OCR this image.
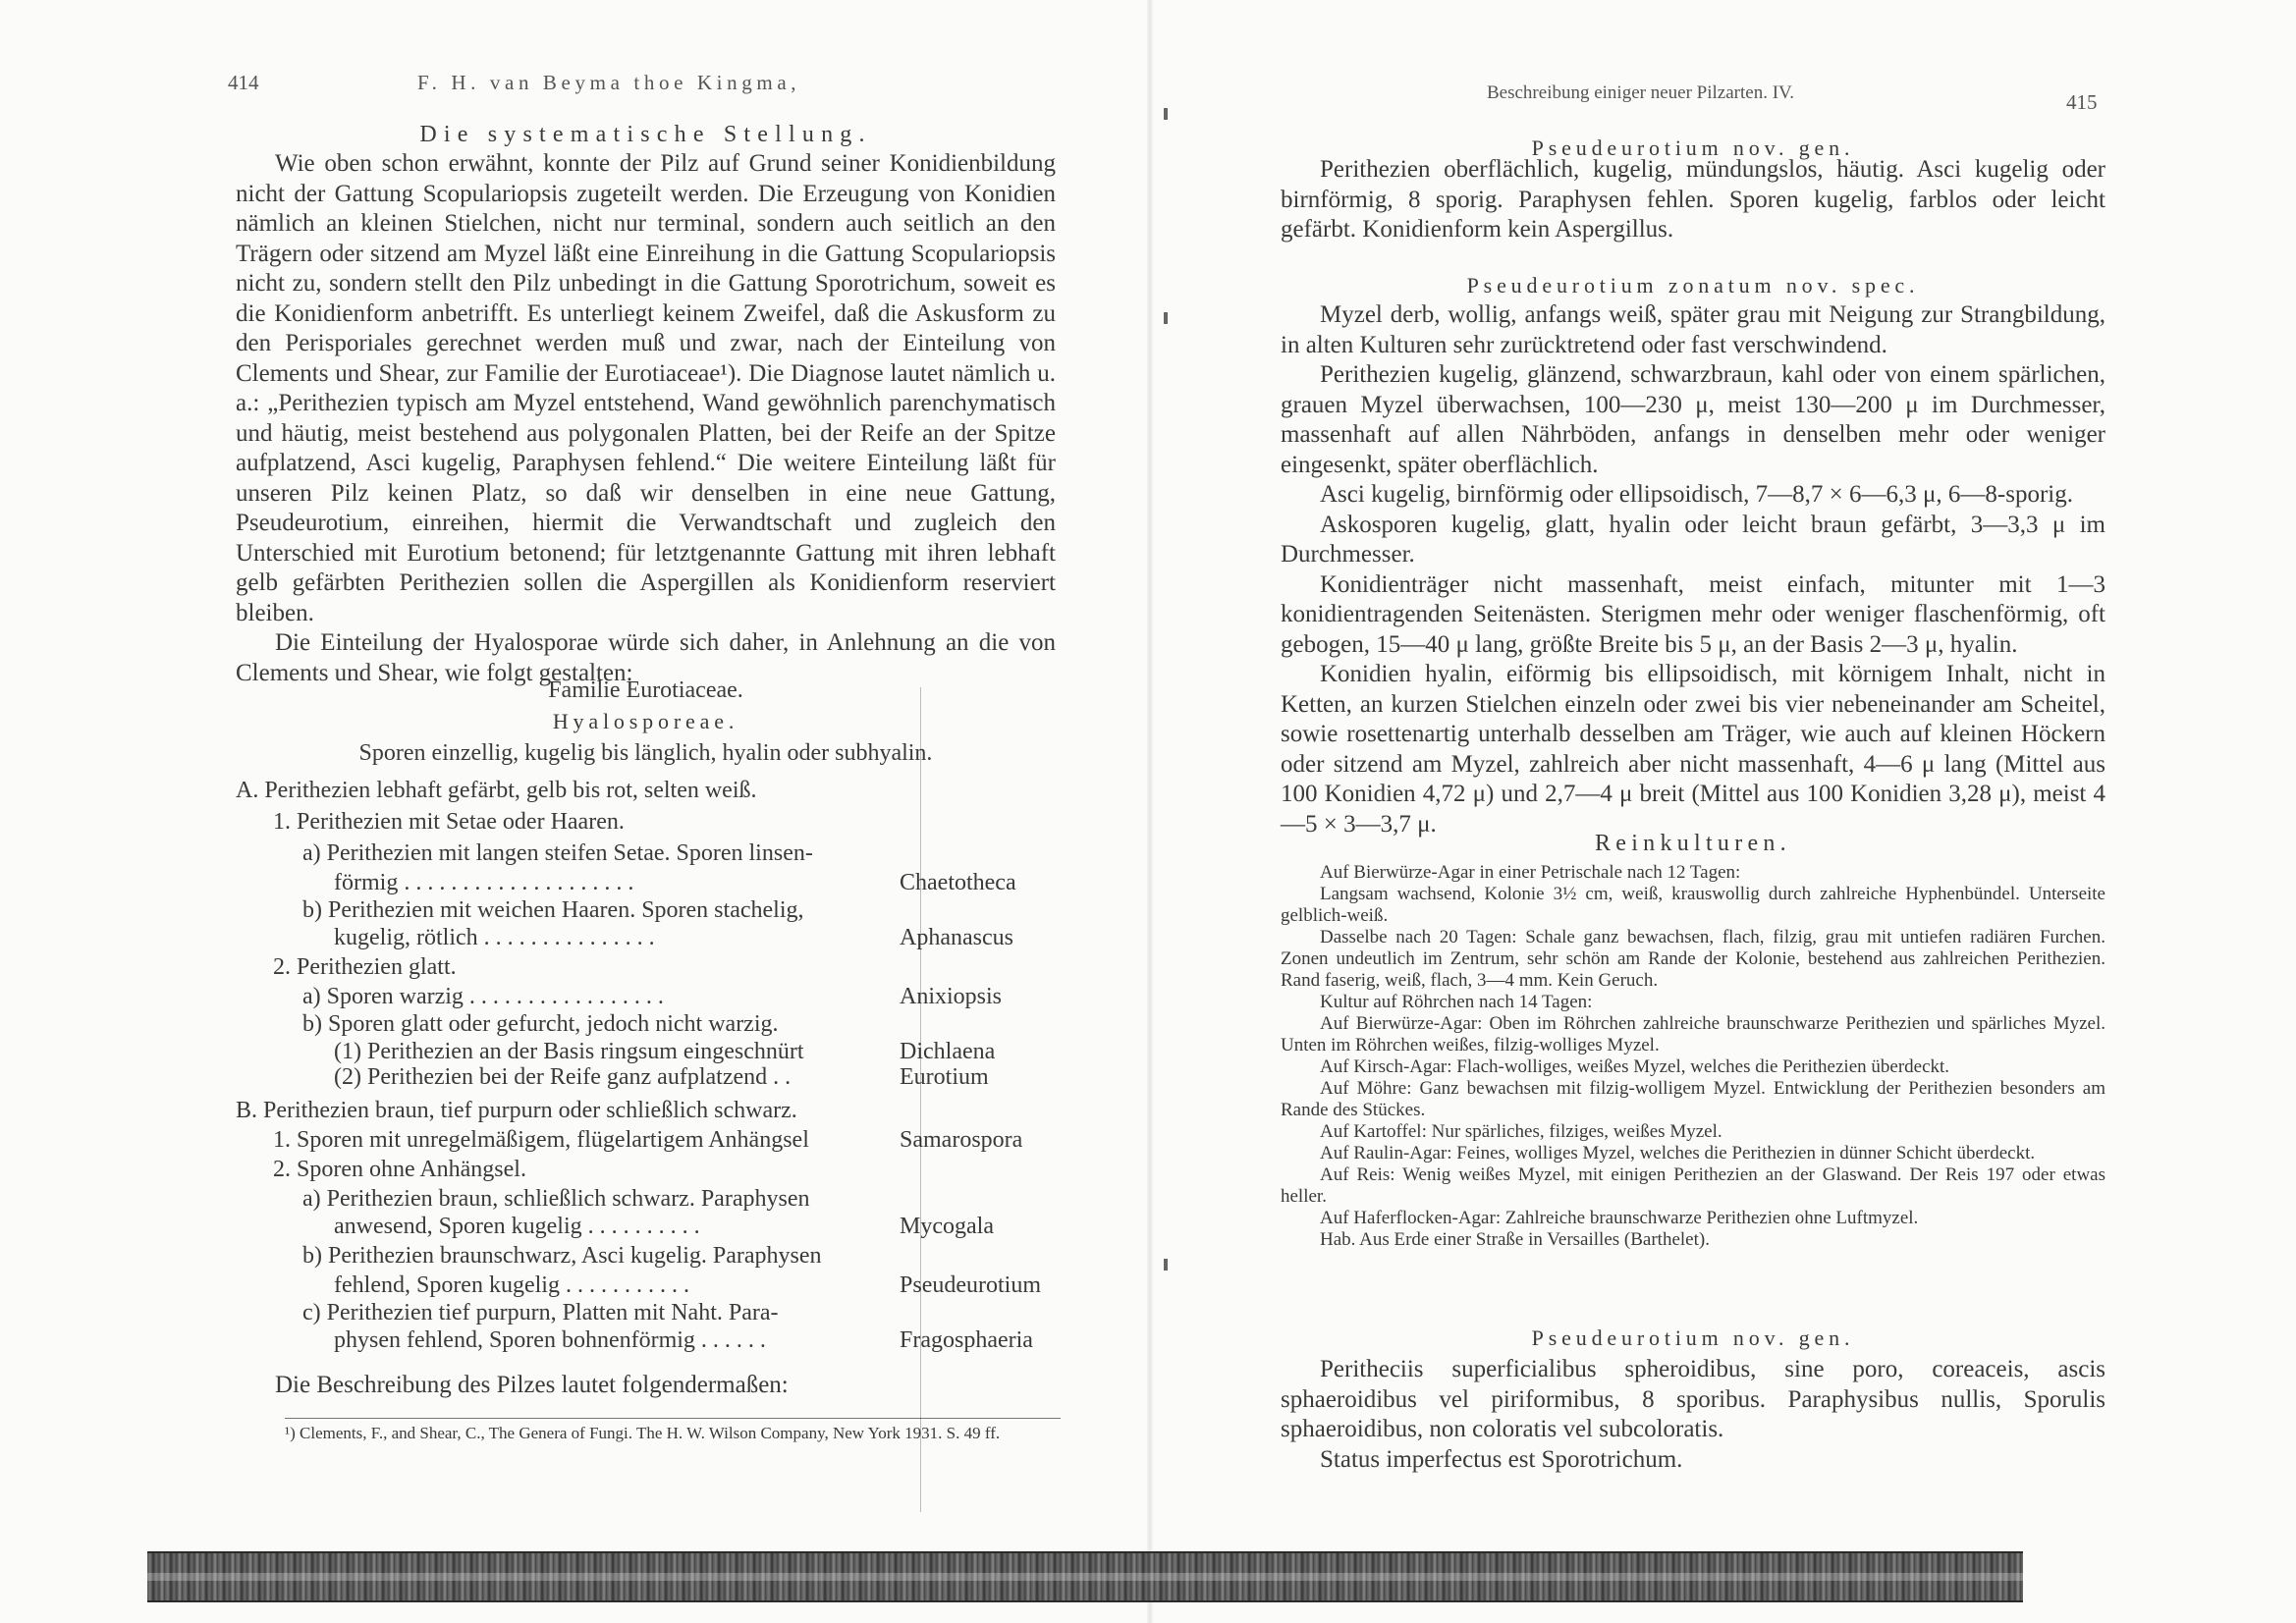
414	F. H. van Beyma thoe Kingma,
Die systematische Stellung.

Wie oben schon erwähnt, konnte der Pilz auf Grund seiner Konidienbildung nicht der Gattung Scopulariopsis zugeteilt werden. Die Erzeugung von Konidien nämlich an kleinen Stielchen, nicht nur terminal, sondern auch seitlich an den Trägern oder sitzend am Myzel läßt eine Einreihung in die Gattung Scopulariopsis nicht zu, sondern stellt den Pilz unbedingt in die Gattung Sporotrichum, soweit es die Konidienform anbetrifft. Es unterliegt keinem Zweifel, daß die Askusform zu den Perisporiales gerechnet werden muß und zwar, nach der Einteilung von Clements und Shear, zur Familie der Eurotiaceae¹). Die Diagnose lautet nämlich u. a.: „Perithezien typisch am Myzel entstehend, Wand gewöhnlich parenchymatisch und häutig, meist bestehend aus polygonalen Platten, bei der Reife an der Spitze aufplatzend, Asci kugelig, Paraphysen fehlend.“ Die weitere Einteilung läßt für unseren Pilz keinen Platz, so daß wir denselben in eine neue Gattung, Pseudeurotium, einreihen, hiermit die Verwandtschaft und zugleich den Unterschied mit Eurotium betonend; für letztgenannte Gattung mit ihren lebhaft gelb gefärbten Perithezien sollen die Aspergillen als Konidienform reserviert bleiben.

Die Einteilung der Hyalosporae würde sich daher, in Anlehnung an die von Clements und Shear, wie folgt gestalten:

Familie Eurotiaceae.
Hyalosporeae.
Sporen einzellig, kugelig bis länglich, hyalin oder subhyalin.
A. Perithezien lebhaft gefärbt, gelb bis rot, selten weiß.
1. Perithezien mit Setae oder Haaren.
a) Perithezien mit langen steifen Setae. Sporen linsen-
förmig . . . . . . . . . . . . . . . . . . . .	Chaetotheca
b) Perithezien mit weichen Haaren. Sporen stachelig,
kugelig, rötlich . . . . . . . . . . . . . . .	Aphanascus
2. Perithezien glatt.
a) Sporen warzig . . . . . . . . . . . . . . . . .	Anixiopsis
b) Sporen glatt oder gefurcht, jedoch nicht warzig.
(1) Perithezien an der Basis ringsum eingeschnürt	Dichlaena
(2) Perithezien bei der Reife ganz aufplatzend . .	Eurotium
B. Perithezien braun, tief purpurn oder schließlich schwarz.
1. Sporen mit unregelmäßigem, flügelartigem Anhängsel	Samarospora
2. Sporen ohne Anhängsel.
a) Perithezien braun, schließlich schwarz. Paraphysen
anwesend, Sporen kugelig . . . . . . . . . .	Mycogala
b) Perithezien braunschwarz, Asci kugelig. Paraphysen
fehlend, Sporen kugelig . . . . . . . . . . .	Pseudeurotium
c) Perithezien tief purpurn, Platten mit Naht. Para-
physen fehlend, Sporen bohnenförmig . . . . . .	Fragosphaeria

Die Beschreibung des Pilzes lautet folgendermaßen:

¹) Clements, F., and Shear, C., The Genera of Fungi. The H. W. Wilson Company, New York 1931. S. 49 ff.
Beschreibung einiger neuer Pilzarten. IV.	415
Pseudeurotium nov. gen.

Perithezien oberflächlich, kugelig, mündungslos, häutig. Asci kugelig oder birnförmig, 8 sporig. Paraphysen fehlen. Sporen kugelig, farblos oder leicht gefärbt. Konidienform kein Aspergillus.

Pseudeurotium zonatum nov. spec.

Myzel derb, wollig, anfangs weiß, später grau mit Neigung zur Strangbildung, in alten Kulturen sehr zurücktretend oder fast verschwindend.

Perithezien kugelig, glänzend, schwarzbraun, kahl oder von einem spärlichen, grauen Myzel überwachsen, 100—230 μ, meist 130—200 μ im Durchmesser, massenhaft auf allen Nährböden, anfangs in denselben mehr oder weniger eingesenkt, später oberflächlich.

Asci kugelig, birnförmig oder ellipsoidisch, 7—8,7 × 6—6,3 μ, 6—8-sporig.

Askosporen kugelig, glatt, hyalin oder leicht braun gefärbt, 3—3,3 μ im Durchmesser.

Konidienträger nicht massenhaft, meist einfach, mitunter mit 1—3 konidientragenden Seitenästen. Sterigmen mehr oder weniger flaschenförmig, oft gebogen, 15—40 μ lang, größte Breite bis 5 μ, an der Basis 2—3 μ, hyalin.

Konidien hyalin, eiförmig bis ellipsoidisch, mit körnigem Inhalt, nicht in Ketten, an kurzen Stielchen einzeln oder zwei bis vier nebeneinander am Scheitel, sowie rosettenartig unterhalb desselben am Träger, wie auch auf kleinen Höckern oder sitzend am Myzel, zahlreich aber nicht massenhaft, 4—6 μ lang (Mittel aus 100 Konidien 4,72 μ) und 2,7—4 μ breit (Mittel aus 100 Konidien 3,28 μ), meist 4—5 × 3—3,7 μ.

Reinkulturen.
Auf Bierwürze-Agar in einer Petrischale nach 12 Tagen:
Langsam wachsend, Kolonie 3½ cm, weiß, krauswollig durch zahlreiche Hyphenbündel. Unterseite gelblich-weiß.
Dasselbe nach 20 Tagen: Schale ganz bewachsen, flach, filzig, grau mit untiefen radiären Furchen. Zonen undeutlich im Zentrum, sehr schön am Rande der Kolonie, bestehend aus zahlreichen Perithezien. Rand faserig, weiß, flach, 3—4 mm. Kein Geruch.
Kultur auf Röhrchen nach 14 Tagen:
Auf Bierwürze-Agar: Oben im Röhrchen zahlreiche braunschwarze Perithezien und spärliches Myzel. Unten im Röhrchen weißes, filzig-wolliges Myzel.
Auf Kirsch-Agar: Flach-wolliges, weißes Myzel, welches die Perithezien überdeckt.
Auf Möhre: Ganz bewachsen mit filzig-wolligem Myzel. Entwicklung der Perithezien besonders am Rande des Stückes.
Auf Kartoffel: Nur spärliches, filziges, weißes Myzel.
Auf Raulin-Agar: Feines, wolliges Myzel, welches die Perithezien in dünner Schicht überdeckt.
Auf Reis: Wenig weißes Myzel, mit einigen Perithezien an der Glaswand. Der Reis 197 oder etwas heller.
Auf Haferflocken-Agar: Zahlreiche braunschwarze Perithezien ohne Luftmyzel.
Hab. Aus Erde einer Straße in Versailles (Barthelet).
Pseudeurotium nov. gen.

Peritheciis superficialibus spheroidibus, sine poro, coreaceis, ascis sphaeroidibus vel piriformibus, 8 sporibus. Paraphysibus nullis, Sporulis sphaeroidibus, non coloratis vel subcoloratis.

Status imperfectus est Sporotrichum.
